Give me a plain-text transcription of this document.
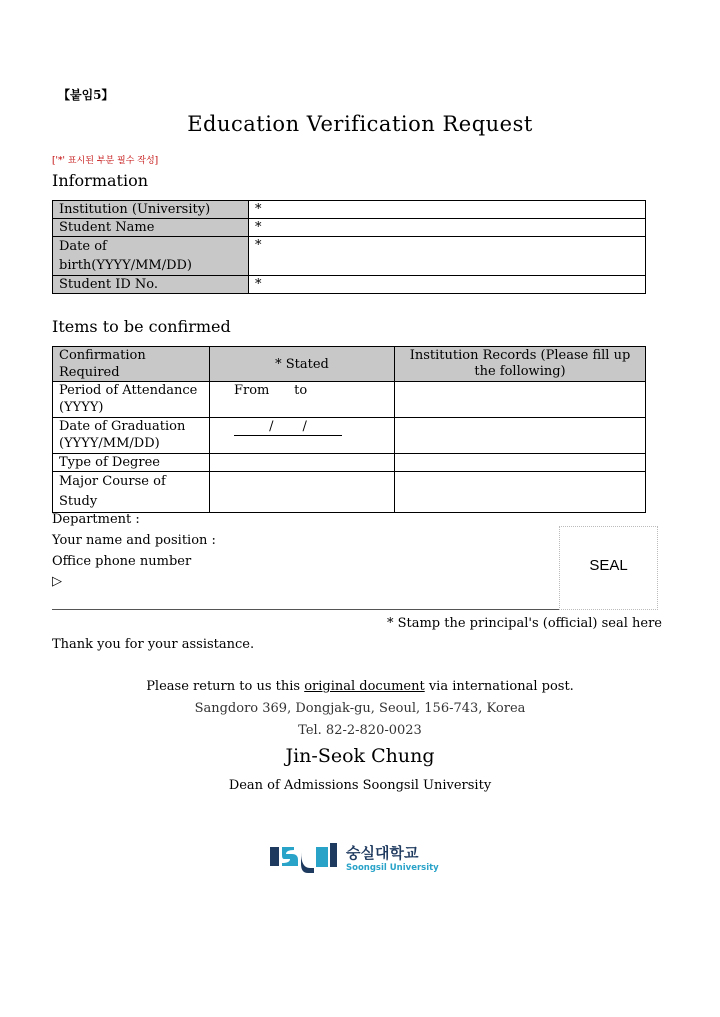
【붙임5】
Education Verification Request
['*' 표시된 부분 필수 작성]
Information
Institution (University)	*
Student Name	*
Date of birth(YYYY/MM/DD)	*
Student ID No.	*
Items to be confirmed
Confirmation Required	* Stated	Institution Records (Please fill up the following)
Period of Attendance (YYYY)	From      to	
Date of Graduation (YYYY/MM/DD)	/       /	
Type of Degree		
Major Course of Study		
Department :
Your name and position :
Office phone number
▷
SEAL
* Stamp the principal's (official) seal here
Thank you for your assistance.
Please return to us this original document via international post.
Sangdoro 369, Dongjak-gu, Seoul, 156-743, Korea
Tel. 82-2-820-0023
Jin-Seok Chung
Dean of Admissions Soongsil University
숭실대학교
Soongsil University
